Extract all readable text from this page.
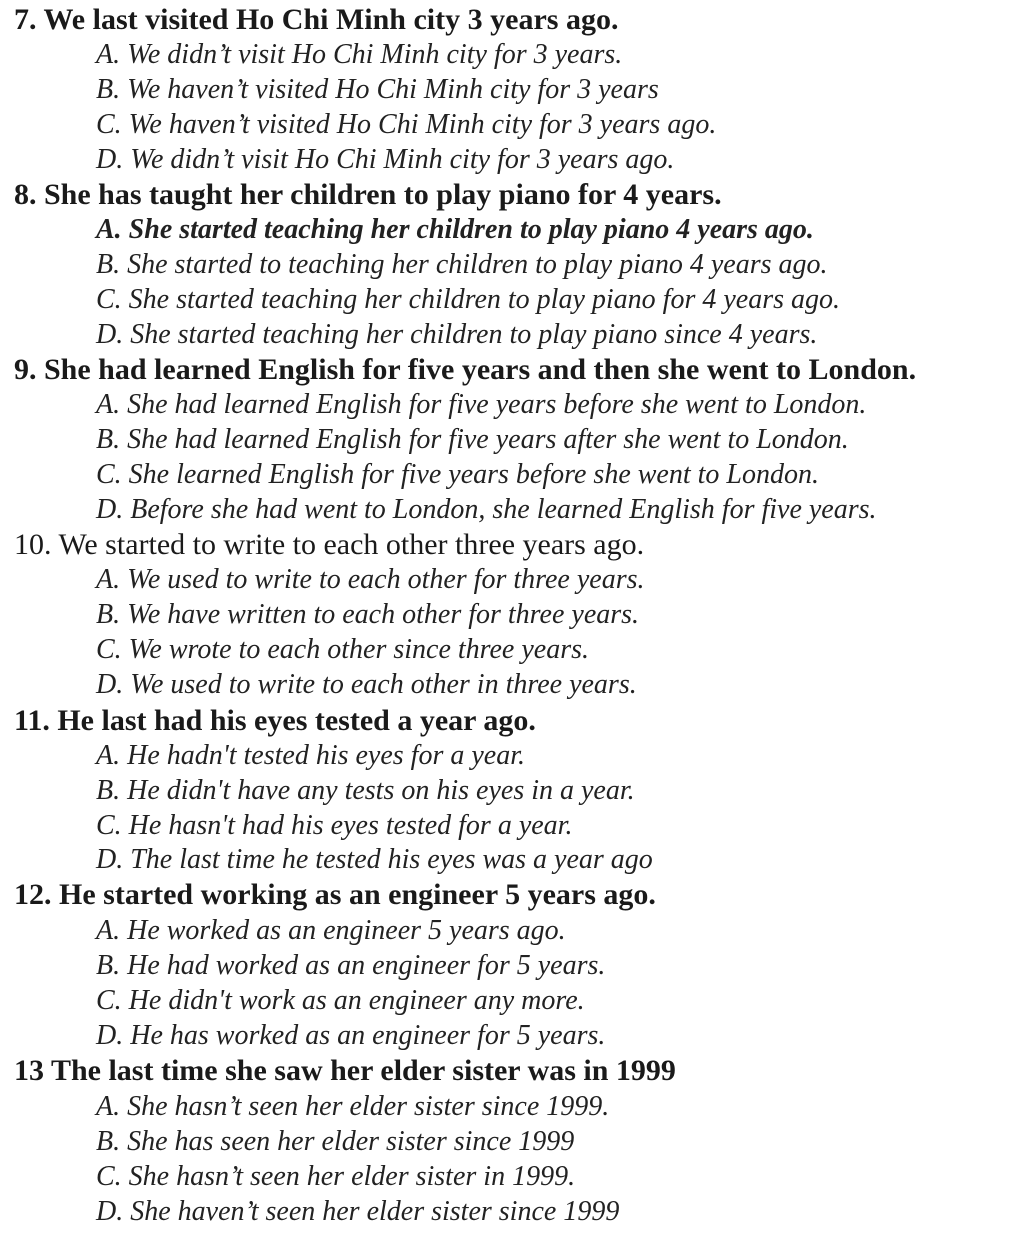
7. We last visited Ho Chi Minh city 3 years ago.
A. We didn’t visit Ho Chi Minh city for 3 years.
B. We haven’t visited Ho Chi Minh city for 3 years
C. We haven’t visited Ho Chi Minh city for 3 years ago.
D. We didn’t visit Ho Chi Minh city for 3 years ago.
8. She has taught her children to play piano for 4 years.
A. She started teaching her children to play piano 4 years ago.
B. She started to teaching her children to play piano 4 years ago.
C. She started teaching her children to play piano for 4 years ago.
D. She started teaching her children to play piano since 4 years.
9. She had learned English for five years and then she went to London.
A. She had learned English for five years before she went to London.
B. She had learned English for five years after she went to London.
C. She learned English for five years before she went to London.
D. Before she had went to London, she learned English for five years.
10. We started to write to each other three years ago.
A. We used to write to each other for three years.
B. We have written to each other for three years.
C. We wrote to each other since three years.
D. We used to write to each other in three years.
11. He last had his eyes tested a year ago.
A. He hadn't tested his eyes for a year.
B. He didn't have any tests on his eyes in a year.
C. He hasn't had his eyes tested for a year.
D. The last time he tested his eyes was a year ago
12. He started working as an engineer 5 years ago.
A. He worked as an engineer 5 years ago.
B. He had worked as an engineer for 5 years.
C. He didn't work as an engineer any more.
D. He has worked as an engineer for 5 years.
13 The last time she saw her elder sister was in 1999
A. She hasn’t seen her elder sister since 1999.
B. She has seen her elder sister since 1999
C. She hasn’t seen her elder sister in 1999.
D. She haven’t seen her elder sister since 1999
